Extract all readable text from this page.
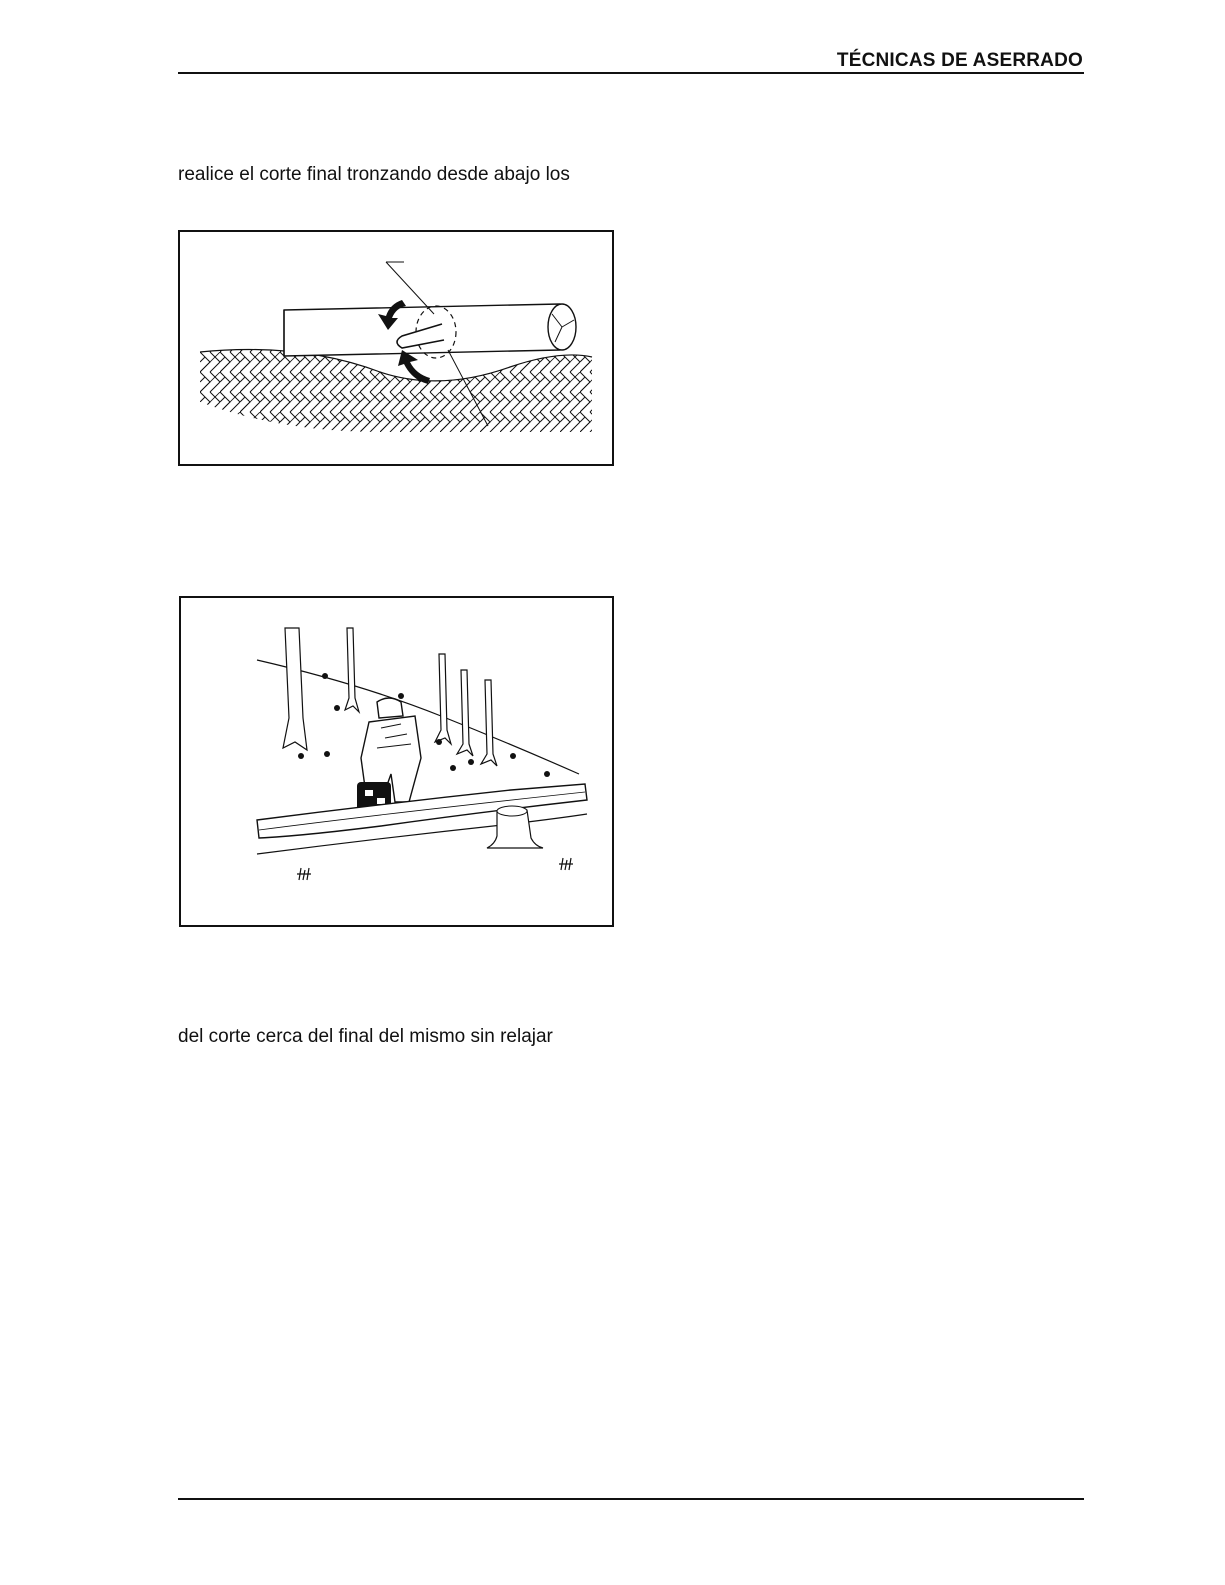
TÉCNICAS DE ASERRADO
realice el corte final tronzando desde abajo los
del corte cerca del final del mismo sin relajar
